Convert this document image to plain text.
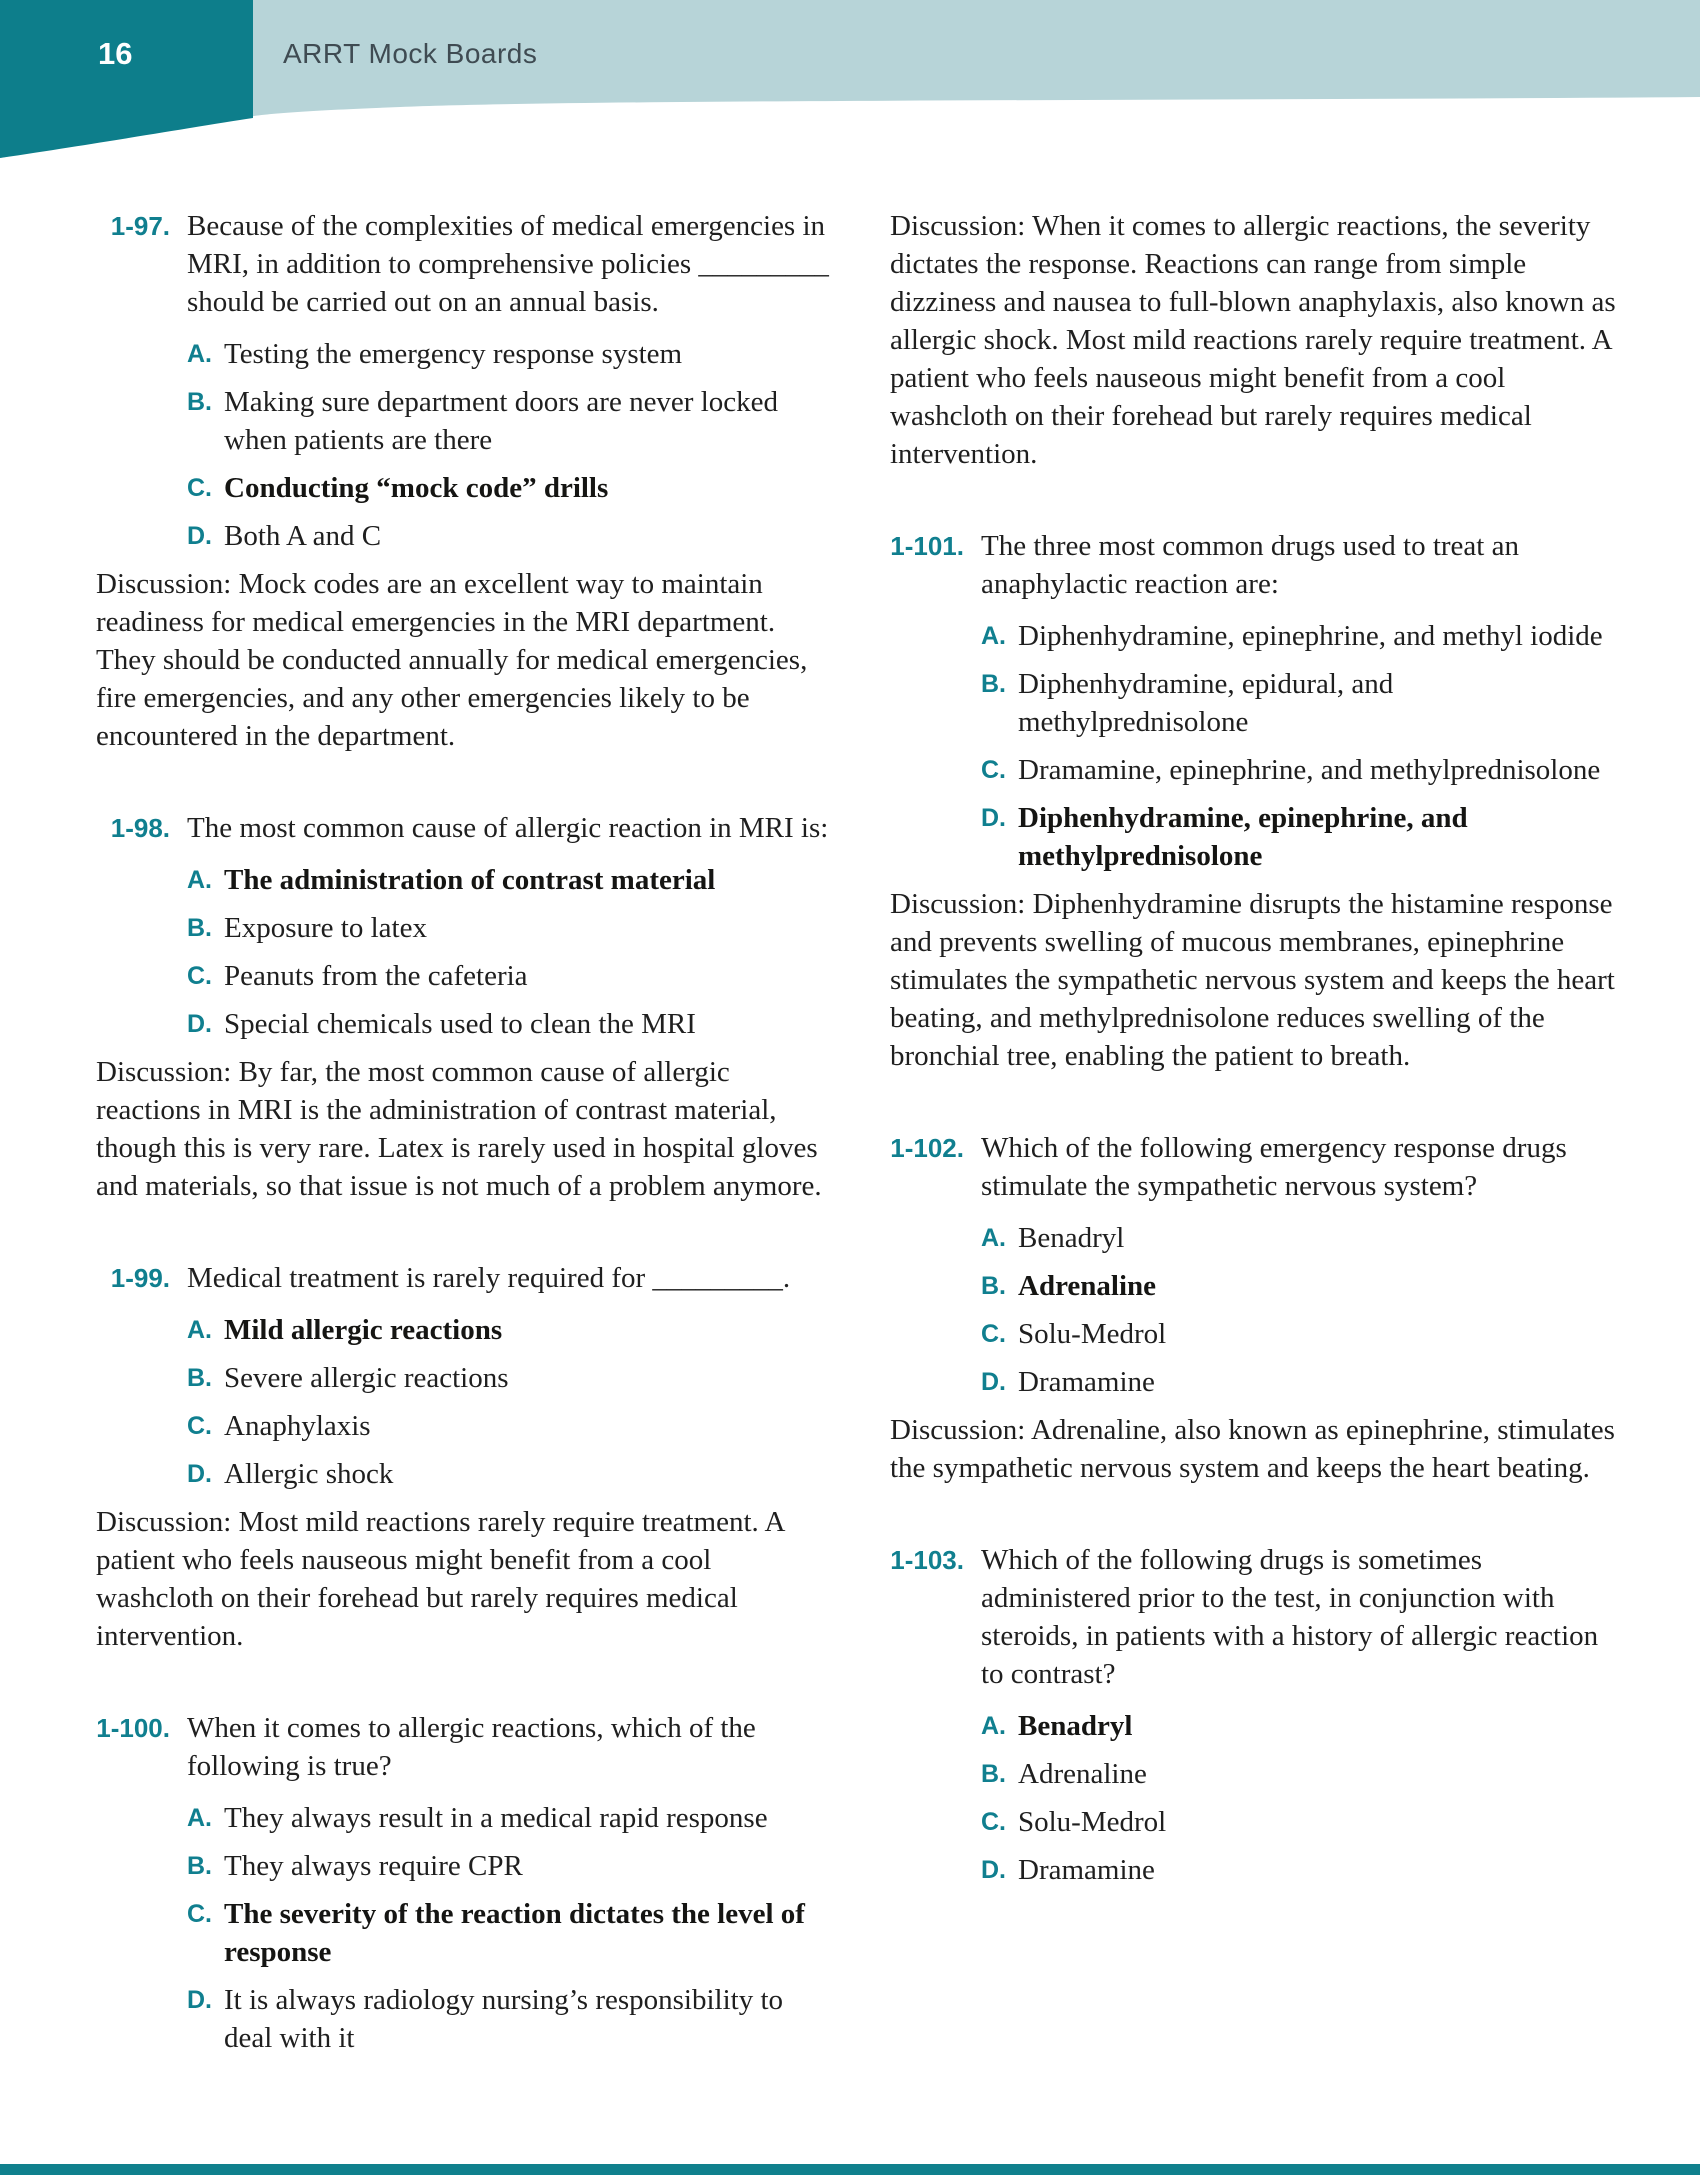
16	ARRT Mock Boards
1-97. Because of the complexities of medical emergencies in MRI, in addition to comprehensive policies _________ should be carried out on an annual basis.

A. Testing the emergency response system
B. Making sure department doors are never locked when patients are there
C. Conducting “mock code” drills
D. Both A and C

Discussion: Mock codes are an excellent way to maintain readiness for medical emergencies in the MRI department. They should be conducted annually for medical emergencies, fire emergencies, and any other emergencies likely to be encountered in the department.

1-98. The most common cause of allergic reaction in MRI is:

A. The administration of contrast material
B. Exposure to latex
C. Peanuts from the cafeteria
D. Special chemicals used to clean the MRI

Discussion: By far, the most common cause of allergic reactions in MRI is the administration of contrast material, though this is very rare. Latex is rarely used in hospital gloves and materials, so that issue is not much of a problem anymore.

1-99. Medical treatment is rarely required for _________.

A. Mild allergic reactions
B. Severe allergic reactions
C. Anaphylaxis
D. Allergic shock

Discussion: Most mild reactions rarely require treatment. A patient who feels nauseous might benefit from a cool washcloth on their forehead but rarely requires medical intervention.

1-100. When it comes to allergic reactions, which of the following is true?

A. They always result in a medical rapid response
B. They always require CPR
C. The severity of the reaction dictates the level of response
D. It is always radiology nursing’s responsibility to deal with it

Discussion: When it comes to allergic reactions, the severity dictates the response. Reactions can range from simple dizziness and nausea to full-blown anaphylaxis, also known as allergic shock. Most mild reactions rarely require treatment. A patient who feels nauseous might benefit from a cool washcloth on their forehead but rarely requires medical intervention.

1-101. The three most common drugs used to treat an anaphylactic reaction are:

A. Diphenhydramine, epinephrine, and methyl iodide
B. Diphenhydramine, epidural, and methylprednisolone
C. Dramamine, epinephrine, and methylprednisolone
D. Diphenhydramine, epinephrine, and methylprednisolone

Discussion: Diphenhydramine disrupts the histamine response and prevents swelling of mucous membranes, epinephrine stimulates the sympathetic nervous system and keeps the heart beating, and methylprednisolone reduces swelling of the bronchial tree, enabling the patient to breath.

1-102. Which of the following emergency response drugs stimulate the sympathetic nervous system?

A. Benadryl
B. Adrenaline
C. Solu-Medrol
D. Dramamine

Discussion: Adrenaline, also known as epinephrine, stimulates the sympathetic nervous system and keeps the heart beating.

1-103. Which of the following drugs is sometimes administered prior to the test, in conjunction with steroids, in patients with a history of allergic reaction to contrast?

A. Benadryl
B. Adrenaline
C. Solu-Medrol
D. Dramamine
